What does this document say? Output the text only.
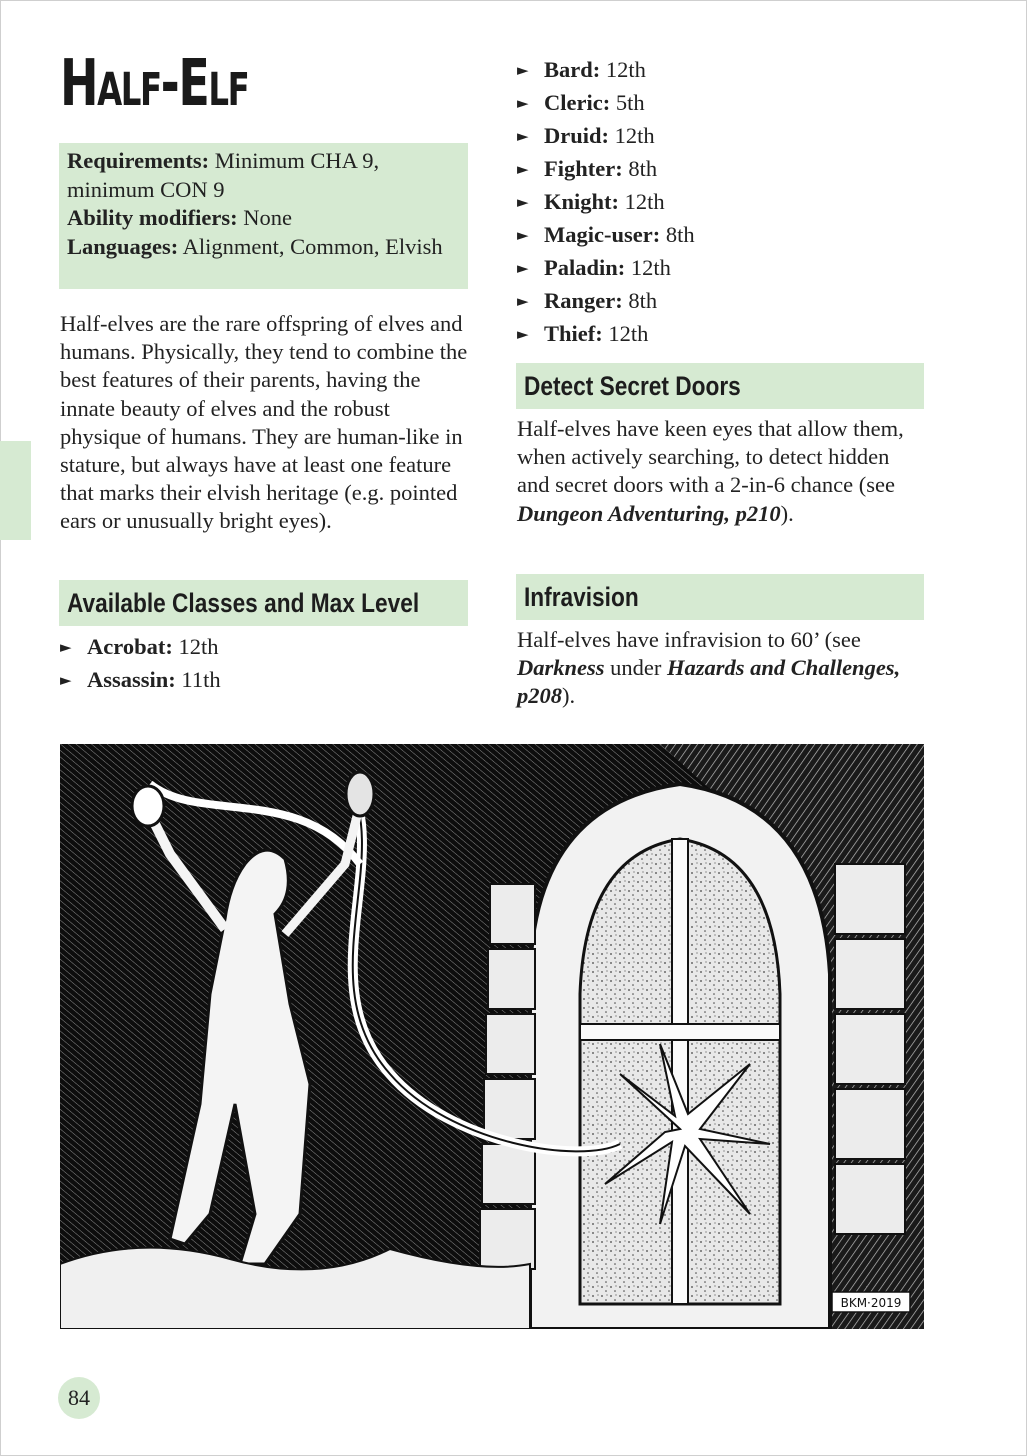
Half-Elf

Requirements: Minimum CHA 9, minimum CON 9

Ability modifiers: None

Languages: Alignment, Common, Elvish

Half-elves are the rare offspring of elves and humans. Physically, they tend to combine the best features of their parents, having the innate beauty of elves and the robust physique of humans. They are human-like in stature, but always have at least one feature that marks their elvish heritage (e.g. pointed ears or unusually bright eyes).

Available Classes and Max Level
► Acrobat: 12th
► Assassin: 11th
► Bard: 12th
► Cleric: 5th
► Druid: 12th
► Fighter: 8th
► Knight: 12th
► Magic-user: 8th
► Paladin: 12th
► Ranger: 8th
► Thief: 12th
Detect Secret Doors

Half-elves have keen eyes that allow them, when actively searching, to detect hidden and secret doors with a 2-in-6 chance (see Dungeon Adventuring, p210).

Infravision

Half-elves have infravision to 60’ (see Darkness under Hazards and Challenges, p208).

BKM·2019
84
